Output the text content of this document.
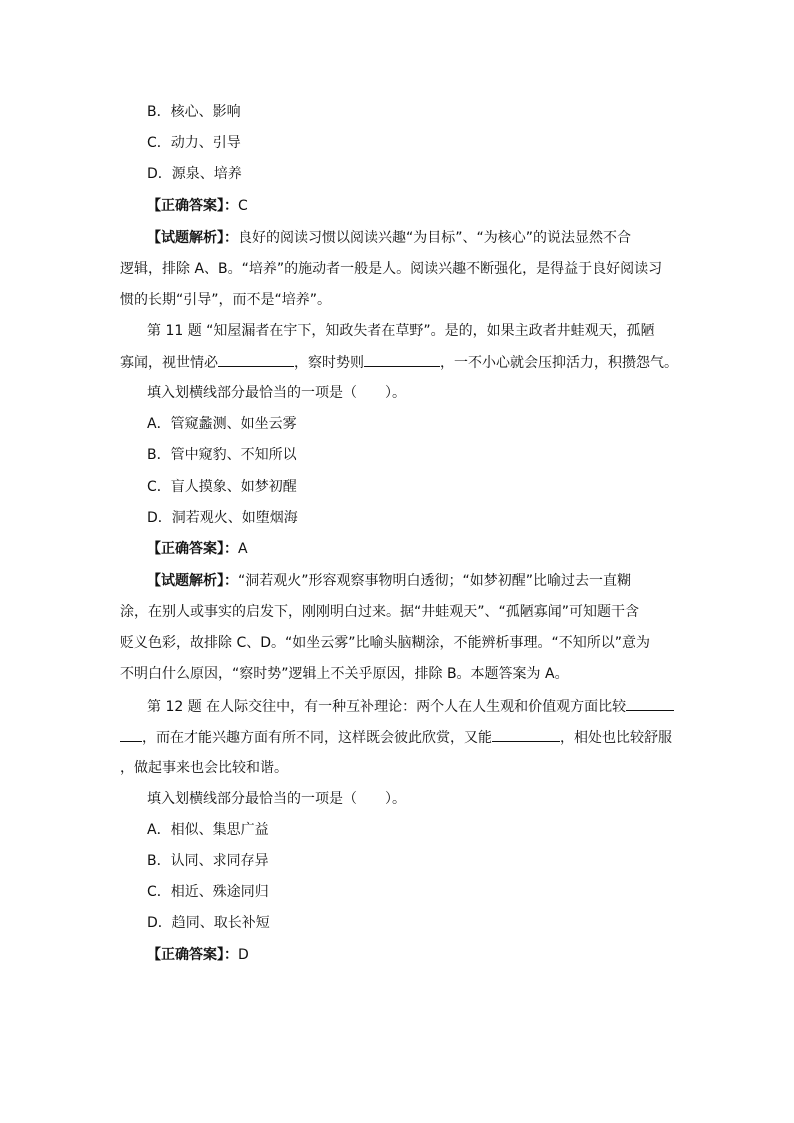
B．核心、影响
C．动力、引导
D．源泉、培养
【正确答案】：C
【试题解析】：良好的阅读习惯以阅读兴趣“为目标”、“为核心”的说法显然不合
逻辑，排除 A、B。“培养”的施动者一般是人。阅读兴趣不断强化，是得益于良好阅读习
惯的长期“引导”，而不是“培养”。
第 11 题 “知屋漏者在宇下，知政失者在草野”。是的，如果主政者井蛙观天，孤陋
寡闻，视世情必	，察时势则	，一不小心就会压抑活力，积攒怨气。
填入划横线部分最恰当的一项是（　　）。
A．管窥蠡测、如坐云雾
B．管中窥豹、不知所以
C．盲人摸象、如梦初醒
D．洞若观火、如堕烟海
【正确答案】：A
【试题解析】：“洞若观火”形容观察事物明白透彻；“如梦初醒”比喻过去一直糊
涂，在别人或事实的启发下，刚刚明白过来。据“井蛙观天”、“孤陋寡闻”可知题干含
贬义色彩，故排除 C、D。“如坐云雾”比喻头脑糊涂，不能辨析事理。“不知所以”意为
不明白什么原因，“察时势”逻辑上不关乎原因，排除 B。本题答案为 A。
第 12 题 在人际交往中，有一种互补理论：两个人在人生观和价值观方面比较
，而在才能兴趣方面有所不同，这样既会彼此欣赏，又能	，相处也比较舒服
，做起事来也会比较和谐。
填入划横线部分最恰当的一项是（　　）。
A．相似、集思广益
B．认同、求同存异
C．相近、殊途同归
D．趋同、取长补短
【正确答案】：D
